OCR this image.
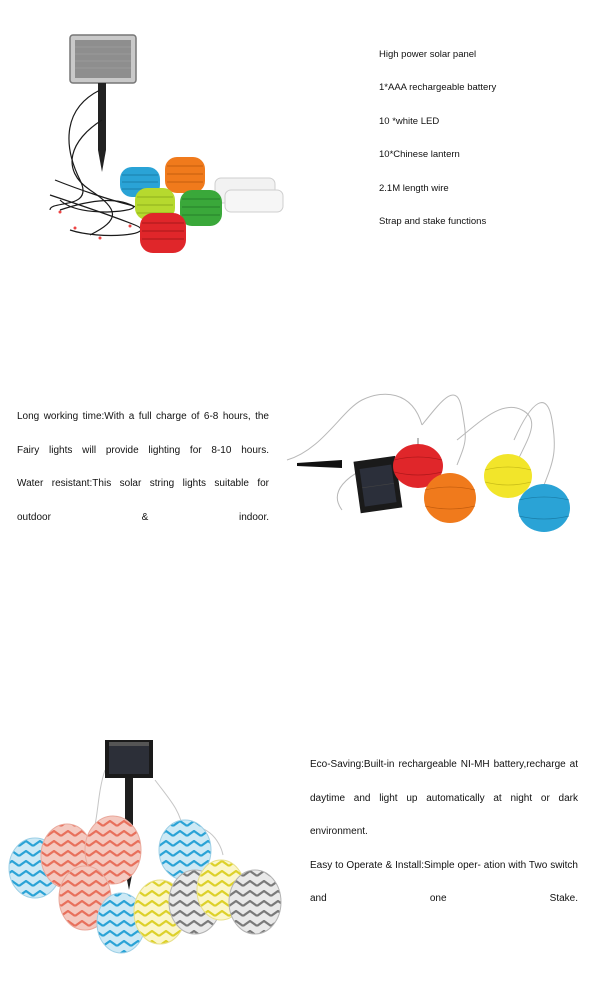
High power solar panel
1*AAA rechargeable battery
10 *white LED
10*Chinese lantern
2.1M length wire
Strap and stake functions

Long working time:With a full charge of 6-8 hours, the Fairy lights will provide lighting for 8-10 hours.

Water resistant:This solar string lights suitable for outdoor & indoor.

Eco-Saving:Built-in rechargeable NI-MH battery,recharge at daytime and light up automatically at night or dark environment.

Easy to Operate & Install:Simple oper- ation with Two switch and one Stake.
